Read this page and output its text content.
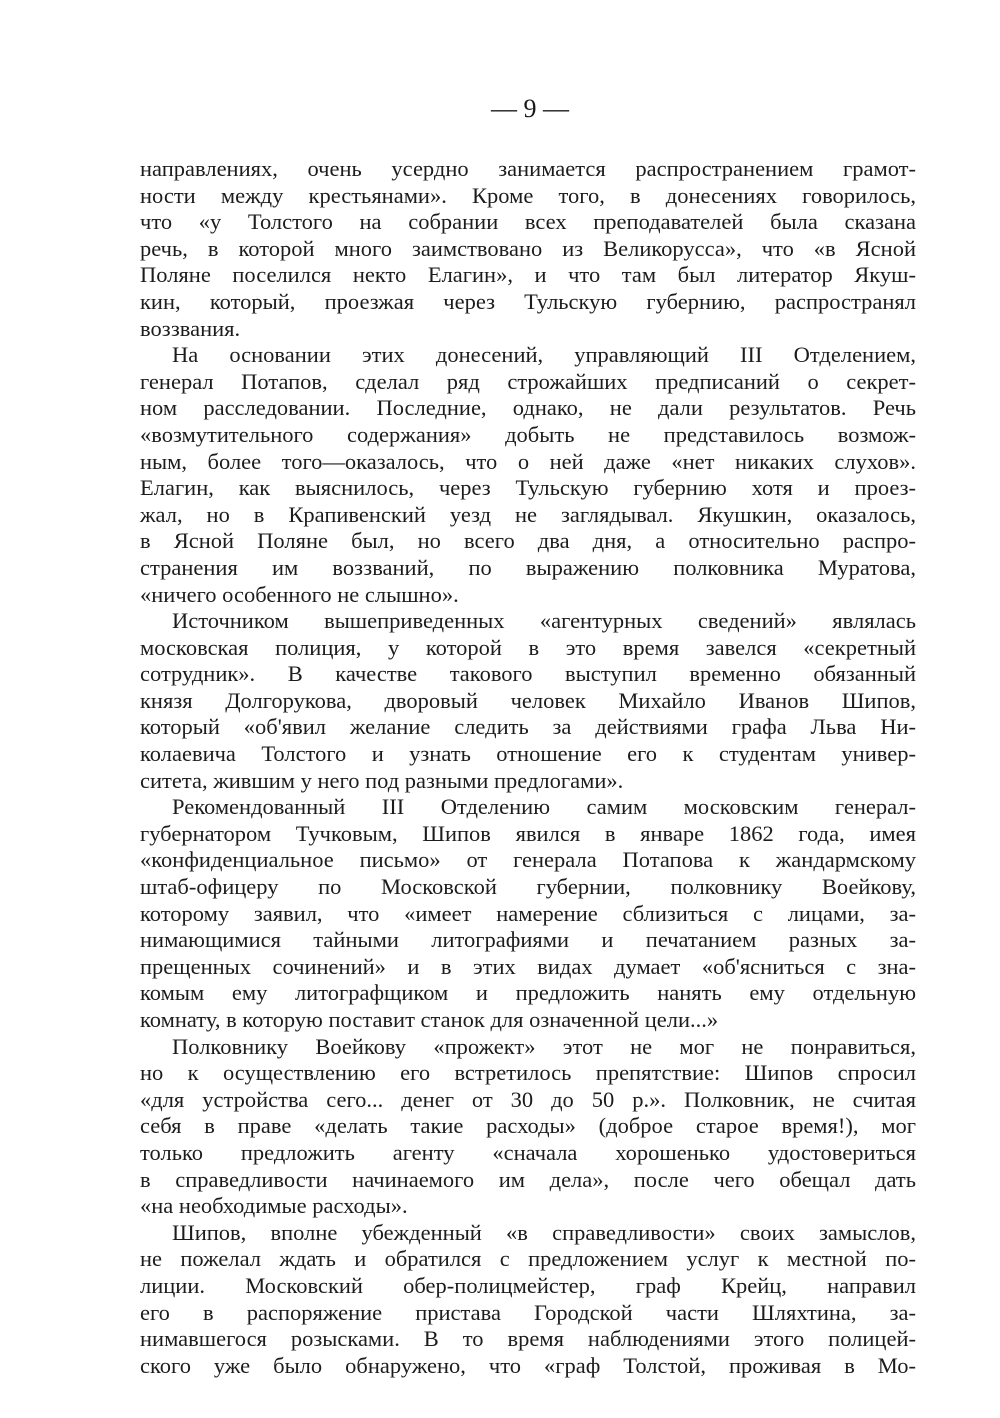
— 9 —
направлениях, очень усердно занимается распространением грамот-
ности между крестьянами». Кроме того, в донесениях говорилось,
что «у Толстого на собрании всех преподавателей была сказана
речь, в которой много заимствовано из Великорусса», что «в Ясной
Поляне поселился некто Елагин», и что там был литератор Якуш-
кин, который, проезжая через Тульскую губернию, распространял
воззвания.
На основании этих донесений, управляющий III Отделением,
генерал Потапов, сделал ряд строжайших предписаний о секрет-
ном расследовании. Последние, однако, не дали результатов. Речь
«возмутительного содержания» добыть не представилось возмож-
ным, более того—оказалось, что о ней даже «нет никаких слухов».
Елагин, как выяснилось, через Тульскую губернию хотя и проез-
жал, но в Крапивенский уезд не заглядывал. Якушкин, оказалось,
в Ясной Поляне был, но всего два дня, а относительно распро-
странения им воззваний, по выражению полковника Муратова,
«ничего особенного не слышно».
Источником вышеприведенных «агентурных сведений» являлась
московская полиция, у которой в это время завелся «секретный
сотрудник». В качестве такового выступил временно обязанный
князя Долгорукова, дворовый человек Михайло Иванов Шипов,
который «об'явил желание следить за действиями графа Льва Ни-
колаевича Толстого и узнать отношение его к студентам универ-
ситета, жившим у него под разными предлогами».
Рекомендованный III Отделению самим московским генерал-
губернатором Тучковым, Шипов явился в январе 1862 года, имея
«конфиденциальное письмо» от генерала Потапова к жандармскому
штаб-офицеру по Московской губернии, полковнику Воейкову,
которому заявил, что «имеет намерение сблизиться с лицами, за-
нимающимися тайными литографиями и печатанием разных за-
прещенных сочинений» и в этих видах думает «об'ясниться с зна-
комым ему литографщиком и предложить нанять ему отдельную
комнату, в которую поставит станок для означенной цели...»
Полковнику Воейкову «прожект» этот не мог не понравиться,
но к осуществлению его встретилось препятствие: Шипов спросил
«для устройства сего... денег от 30 до 50 р.». Полковник, не считая
себя в праве «делать такие расходы» (доброе старое время!), мог
только предложить агенту «сначала хорошенько удостовериться
в справедливости начинаемого им дела», после чего обещал дать
«на необходимые расходы».
Шипов, вполне убежденный «в справедливости» своих замыслов,
не пожелал ждать и обратился с предложением услуг к местной по-
лиции. Московский обер-полицмейстер, граф Крейц, направил
его в распоряжение пристава Городской части Шляхтина, за-
нимавшегося розысками. В то время наблюдениями этого полицей-
ского уже было обнаружено, что «граф Толстой, проживая в Мо-
